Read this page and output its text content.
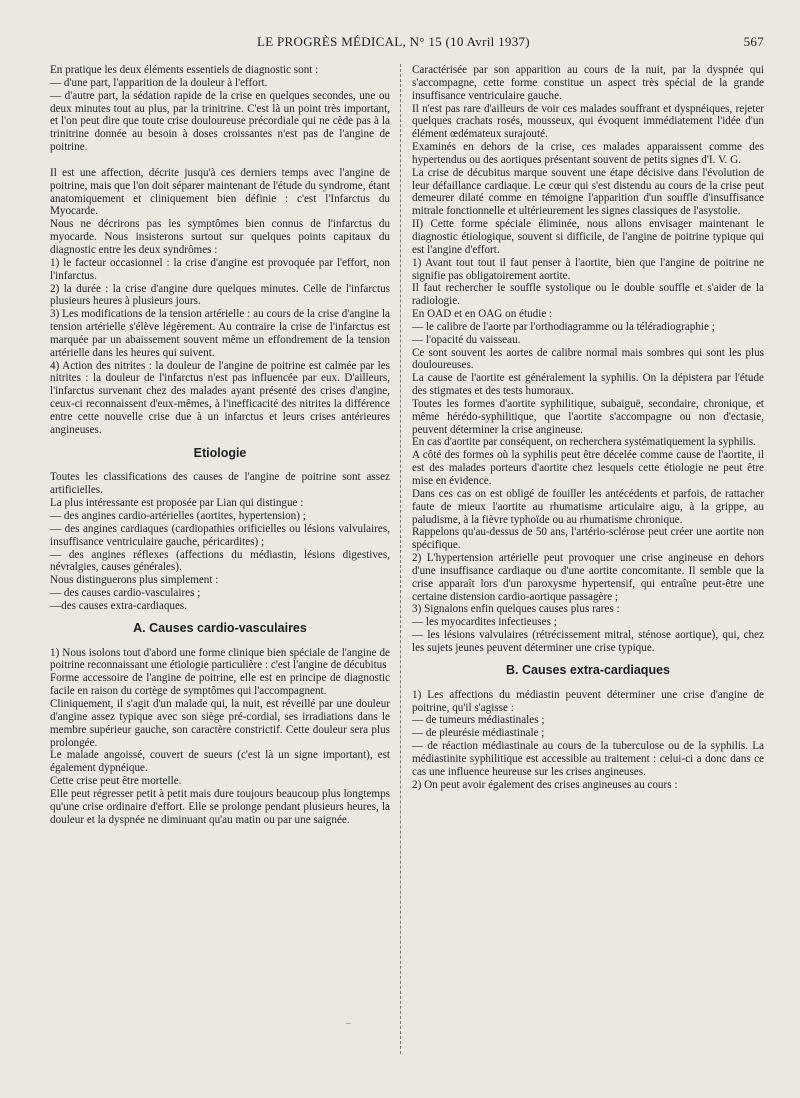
LE PROGRÈS MÉDICAL, N° 15 (10 Avril 1937)	567

En pratique les deux éléments essentiels de diagnostic sont :

— d'une part, l'apparition de la douleur à l'effort.

— d'autre part, la sédation rapide de la crise en quelques secondes, une ou deux minutes tout au plus, par la trinitrine. C'est là un point très important, et l'on peut dire que toute crise douloureuse précordiale qui ne cède pas à la trinitrine donnée au besoin à doses croissantes n'est pas de l'angine de poitrine.

Il est une affection, décrite jusqu'à ces derniers temps avec l'angine de poitrine, mais que l'on doit séparer maintenant de l'étude du syndrome, étant anatomiquement et cliniquement bien définie : c'est l'Infarctus du Myocarde.

Nous ne décrirons pas les symptômes bien connus de l'infarctus du myocarde. Nous insisterons surtout sur quelques points capitaux du diagnostic entre les deux syndrômes :

1) le facteur occasionnel : la crise d'angine est provoquée par l'effort, non l'infarctus.

2) la durée : la crise d'angine dure quelques minutes. Celle de l'infarctus plusieurs heures à plusieurs jours.

3) Les modifications de la tension artérielle : au cours de la crise d'angine la tension artérielle s'élève légèrement. Au contraire la crise de l'infarctus est marquée par un abaissement souvent même un effondrement de la tension artérielle dans les heures qui suivent.

4) Action des nitrites : la douleur de l'angine de poitrine est calmée par les nitrites : la douleur de l'infarctus n'est pas influencée par eux. D'ailleurs, l'infarctus survenant chez des malades ayant présenté des crises d'angine, ceux-ci reconnaissent d'eux-mêmes, à l'inefficacité des nitrites la différence entre cette nouvelle crise due à un infarctus et leurs crises antérieures angineuses.

Etiologie

Toutes les classifications des causes de l'angine de poitrine sont assez artificielles.

La plus intéressante est proposée par Lian qui distingue :

— des angines cardio-artérielles (aortites, hypertension) ;

— des angines cardiaques (cardiopathies orificielles ou lésions valvulaires, insuffisance ventriculaire gauche, péricardites) ;

— des angines réflexes (affections du médiastin, lésions digestives, névralgies, causes générales).

Nous distinguerons plus simplement :

— des causes cardio-vasculaires ;

—des causes extra-cardiaques.

A. Causes cardio-vasculaires

1) Nous isolons tout d'abord une forme clinique bien spéciale de l'angine de poitrine reconnaissant une étiologie particulière : c'est l'angine de décubitus

Forme accessoire de l'angine de poitrine, elle est en principe de diagnostic facile en raison du cortège de symptômes qui l'accompagnent.

Cliniquement, il s'agit d'un malade qui, la nuit, est réveillé par une douleur d'angine assez typique avec son siège pré-cordial, ses irradiations dans le membre supérieur gauche, son caractère constrictif. Cette douleur sera plus prolongée.

Le malade angoissé, couvert de sueurs (c'est là un signe important), est également dypnéique.

Cette crise peut être mortelle.

Elle peut régresser petit à petit mais dure toujours beaucoup plus longtemps qu'une crise ordinaire d'effort. Elle se prolonge pendant plusieurs heures, la douleur et la dyspnée ne diminuant qu'au matin ou par une saignée.

Caractérisée par son apparition au cours de la nuit, par la dyspnée qui s'accompagne, cette forme constitue un aspect très spécial de la grande insuffisance ventriculaire gauche.

Il n'est pas rare d'ailleurs de voir ces malades souffrant et dyspnéiques, rejeter quelques crachats rosés, mousseux, qui évoquent immédiatement l'idée d'un élément œdémateux surajouté.

Examinés en dehors de la crise, ces malades apparaissent comme des hypertendus ou des aortiques présentant souvent de petits signes d'I. V. G.

La crise de décubitus marque souvent une étape décisive dans l'évolution de leur défaillance cardiaque. Le cœur qui s'est distendu au cours de la crise peut demeurer dilaté comme en témoigne l'apparition d'un souffle d'insuffisance mitrale fonctionnelle et ultérieurement les signes classiques de l'asystolie.

II) Cette forme spéciale éliminée, nous allons envisager maintenant le diagnostic étiologique, souvent si difficile, de l'angine de poitrine typique qui est l'angine d'effort.

1) Avant tout tout il faut penser à l'aortite, bien que l'angine de poitrine ne signifie pas obligatoirement aortite.

Il faut rechercher le souffle systolique ou le double souffle et s'aider de la radiologie.

En OAD et en OAG on étudie :

— le calibre de l'aorte par l'orthodiagramme ou la téléradiographie ;

— l'opacité du vaisseau.

Ce sont souvent les aortes de calibre normal mais sombres qui sont les plus douloureuses.

La cause de l'aortite est généralement la syphilis. On la dépistera par l'étude des stigmates et des tests humoraux.

Toutes les formes d'aortite syphilitique, subaiguë, secondaire, chronique, et même hérédo-syphilitique, que l'aortite s'accompagne ou non d'ectasie, peuvent déterminer la crise angineuse.

En cas d'aortite par conséquent, on recherchera systématiquement la syphilis.

A côté des formes où la syphilis peut être décelée comme cause de l'aortite, il est des malades porteurs d'aortite chez lesquels cette étiologie ne peut être mise en évidence.

Dans ces cas on est obligé de fouiller les antécédents et parfois, de rattacher faute de mieux l'aortite au rhumatisme articulaire aigu, à la grippe, au paludisme, à la fièvre typhoïde ou au rhumatisme chronique.

Rappelons qu'au-dessus de 50 ans, l'artério-sclérose peut créer une aortite non spécifique.

2) L'hypertension artérielle peut provoquer une crise angineuse en dehors d'une insuffisance cardiaque ou d'une aortite concomitante. Il semble que la crise apparaît lors d'un paroxysme hypertensif, qui entraîne peut-être une certaine distension cardio-aortique passagère ;

3) Signalons enfin quelques causes plus rares :

— les myocardites infectieuses ;

— les lésions valvulaires (rétrécissement mitral, sténose aortique), qui, chez les sujets jeunes peuvent déterminer une crise typique.

B. Causes extra-cardiaques

1) Les affections du médiastin peuvent déterminer une crise d'angine de poitrine, qu'il s'agisse :

— de tumeurs médiastinales ;

— de pleurésie médiastinale ;

— de réaction médiastinale au cours de la tuberculose ou de la syphilis. La médiastinite syphilitique est accessible au traitement : celui-ci a donc dans ce cas une influence heureuse sur les crises angineuses.

2) On peut avoir également des crises angineuses au cours :

–
